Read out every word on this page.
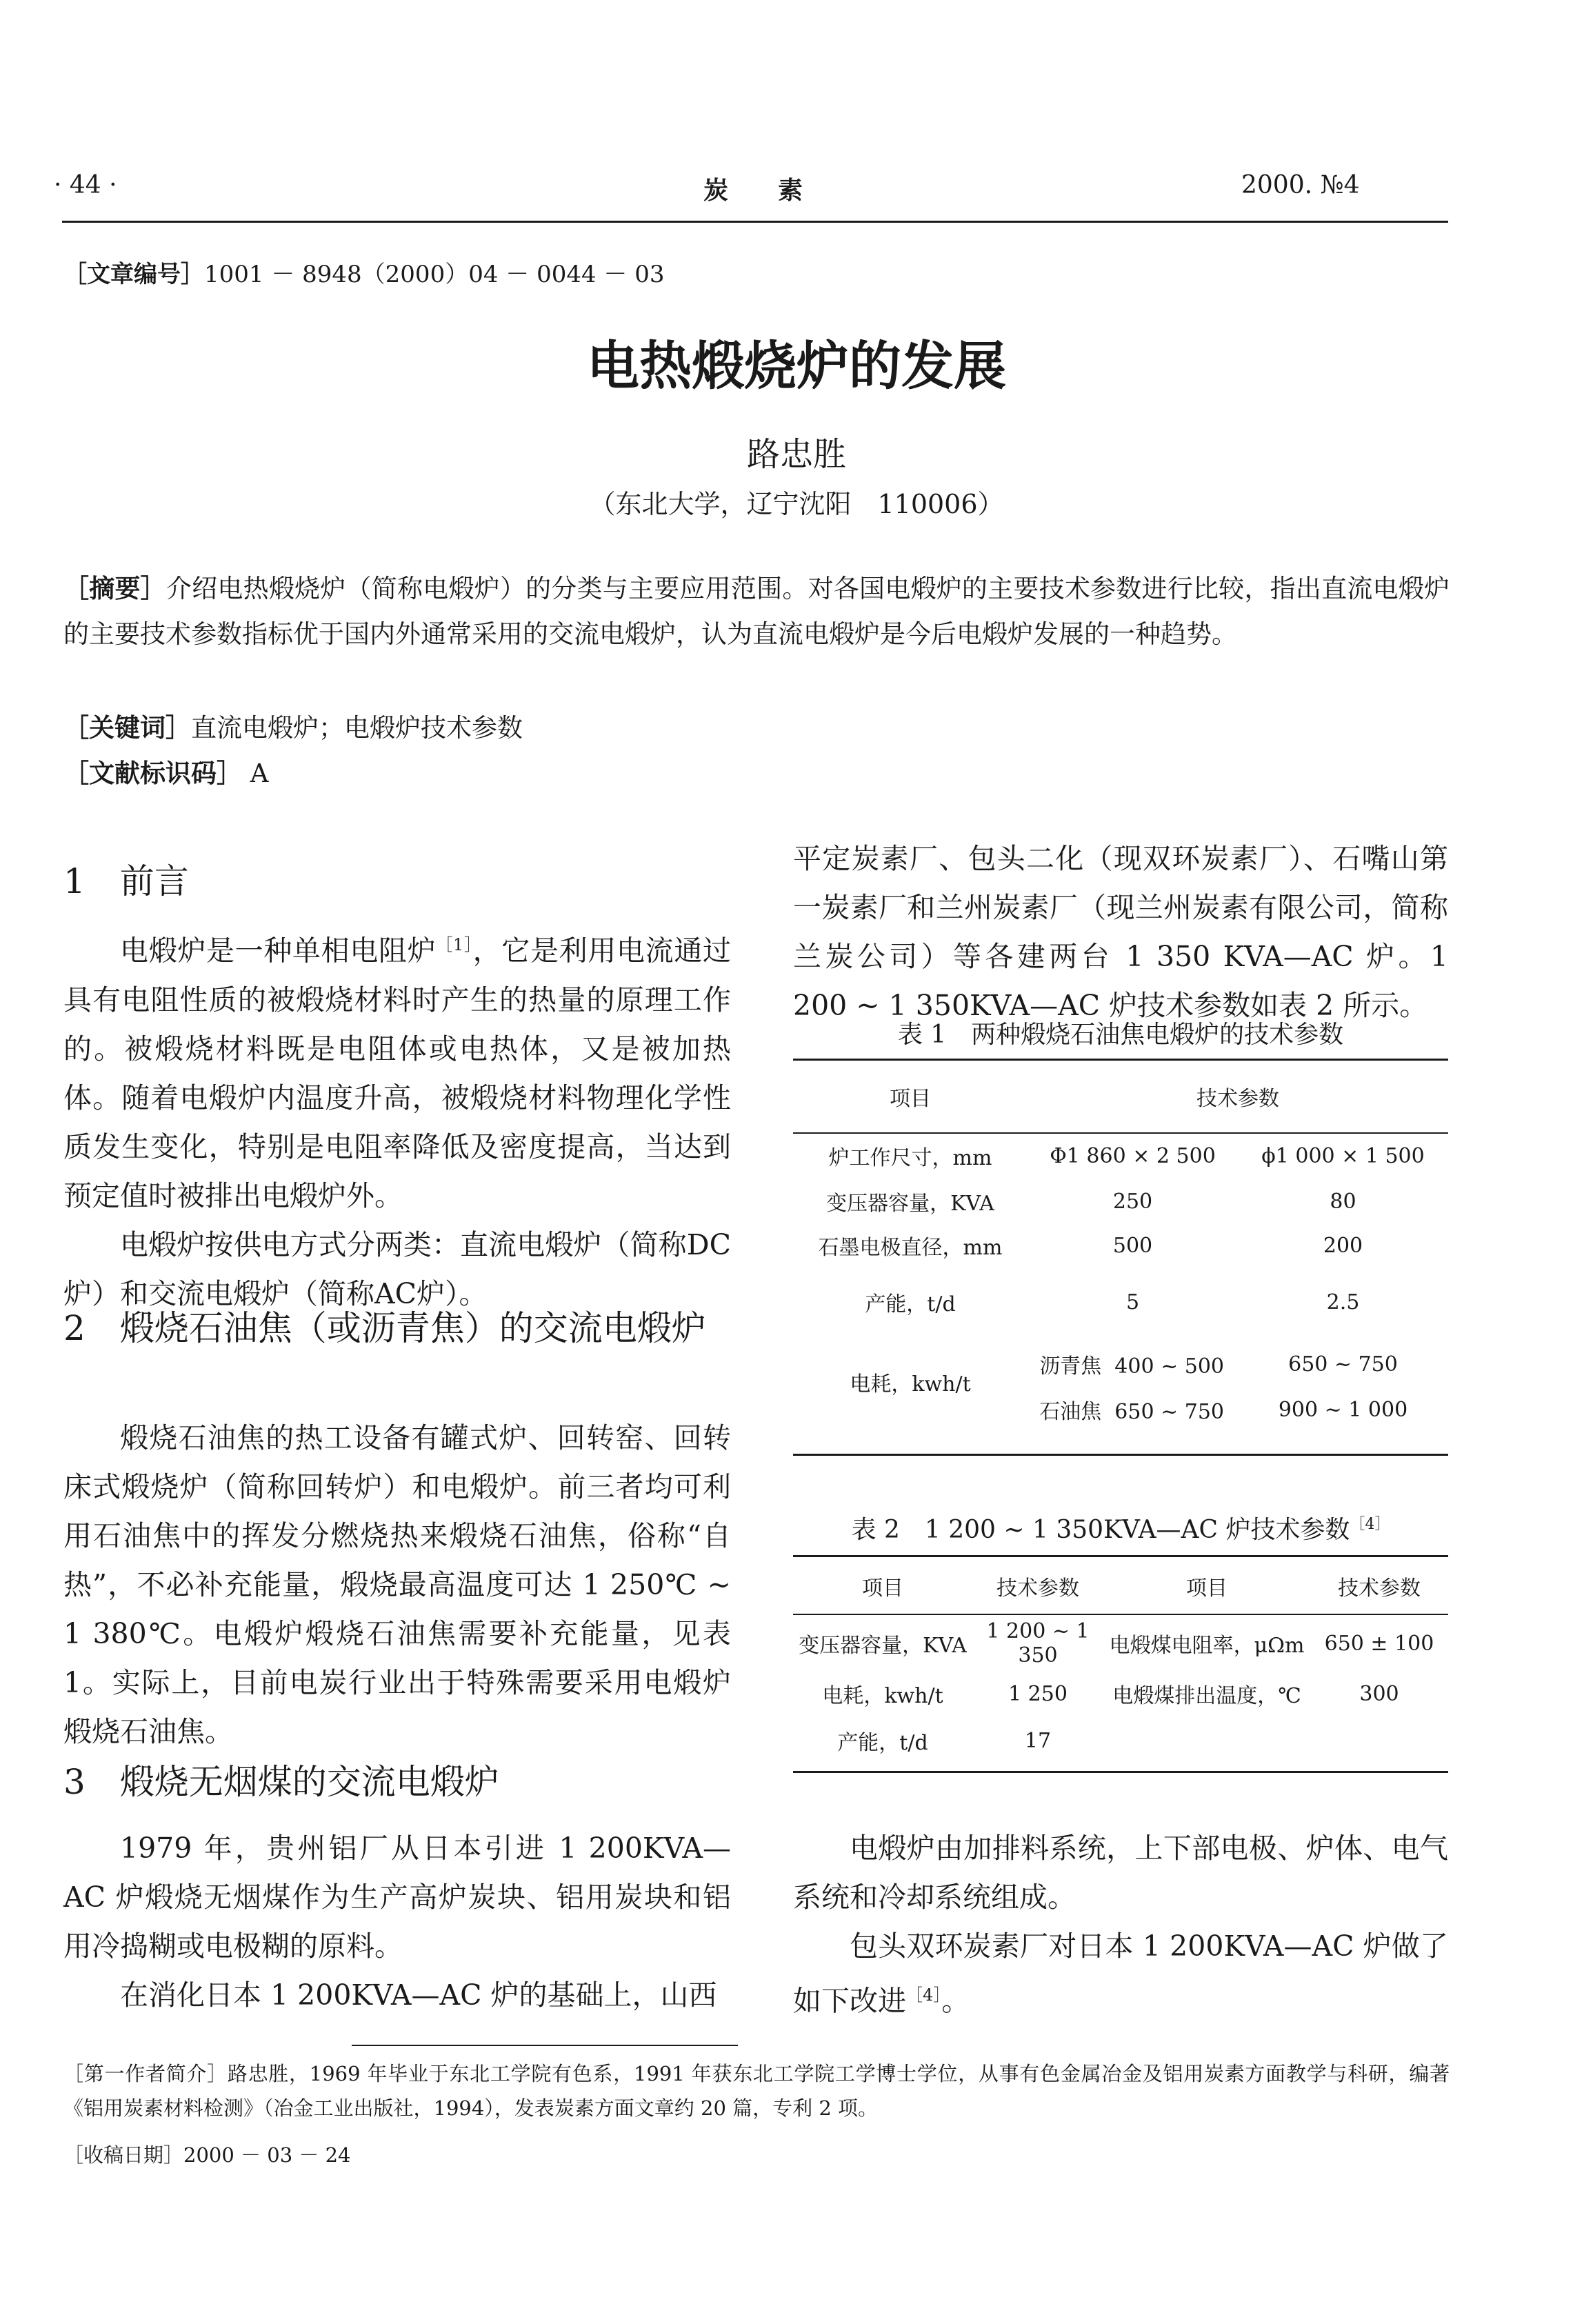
· 44 ·	炭　　素	2000. №4
［文章编号］1001 － 8948（2000）04 － 0044 － 03
电热煅烧炉的发展
路忠胜
（东北大学，辽宁沈阳　110006）
［摘要］介绍电热煅烧炉（简称电煅炉）的分类与主要应用范围。对各国电煅炉的主要技术参数进行比较，指出直流电煅炉的主要技术参数指标优于国内外通常采用的交流电煅炉，认为直流电煅炉是今后电煅炉发展的一种趋势。
［关键词］直流电煅炉；电煅炉技术参数
［文献标识码］ A
1　前言

电煅炉是一种单相电阻炉$^{[1]}$，它是利用电流通过具有电阻性质的被煅烧材料时产生的热量的原理工作的。被煅烧材料既是电阻体或电热体，又是被加热体。随着电煅炉内温度升高，被煅烧材料物理化学性质发生变化，特别是电阻率降低及密度提高，当达到预定值时被排出电煅炉外。

电煅炉按供电方式分两类：直流电煅炉（简称DC炉）和交流电煅炉（简称AC炉）。

2　煅烧石油焦（或沥青焦）的交流电煅炉

煅烧石油焦的热工设备有罐式炉、回转窑、回转床式煅烧炉（简称回转炉）和电煅炉。前三者均可利用石油焦中的挥发分燃烧热来煅烧石油焦，俗称“自热”，不必补充能量，煅烧最高温度可达 1 250℃ ~ 1 380℃。电煅炉煅烧石油焦需要补充能量，见表 1。实际上，目前电炭行业出于特殊需要采用电煅炉煅烧石油焦。

3　煅烧无烟煤的交流电煅炉

1979 年，贵州铝厂从日本引进 1 200KVA—AC 炉煅烧无烟煤作为生产高炉炭块、铝用炭块和铝用冷捣糊或电极糊的原料。

在消化日本 1 200KVA—AC 炉的基础上，山西

平定炭素厂、包头二化（现双环炭素厂）、石嘴山第一炭素厂和兰州炭素厂（现兰州炭素有限公司，简称兰炭公司）等各建两台 1 350 KVA—AC 炉。1 200 ~ 1 350KVA—AC 炉技术参数如表 2 所示。
表 1　两种煅烧石油焦电煅炉的技术参数
项目	技术参数	
炉工作尺寸，mm	Φ1 860 × 2 500	ϕ1 000 × 1 500
变压器容量，KVA	250	80
石墨电极直径，mm	500	200
产能，t/d	5	2.5
电耗，kwh/t	沥青焦 400 ~ 500	650 ~ 750
	石油焦 650 ~ 750	900 ~ 1 000
表 2　1 200 ~ 1 350KVA—AC 炉技术参数$^{[4]}$
项目	技术参数	项目	技术参数
变压器容量，KVA	1 200 ~ 1 350	电煅煤电阻率，μΩm	650 ± 100
电耗，kwh/t	1 250	电煅煤排出温度，℃	300
产能，t/d	17		

电煅炉由加排料系统，上下部电极、炉体、电气系统和冷却系统组成。

包头双环炭素厂对日本 1 200KVA—AC 炉做了如下改进$^{[4]}$。

［第一作者简介］路忠胜，1969 年毕业于东北工学院有色系，1991 年获东北工学院工学博士学位，从事有色金属冶金及铝用炭素方面教学与科研，编著《铝用炭素材料检测》（冶金工业出版社，1994），发表炭素方面文章约 20 篇，专利 2 项。
［收稿日期］2000 － 03 － 24
